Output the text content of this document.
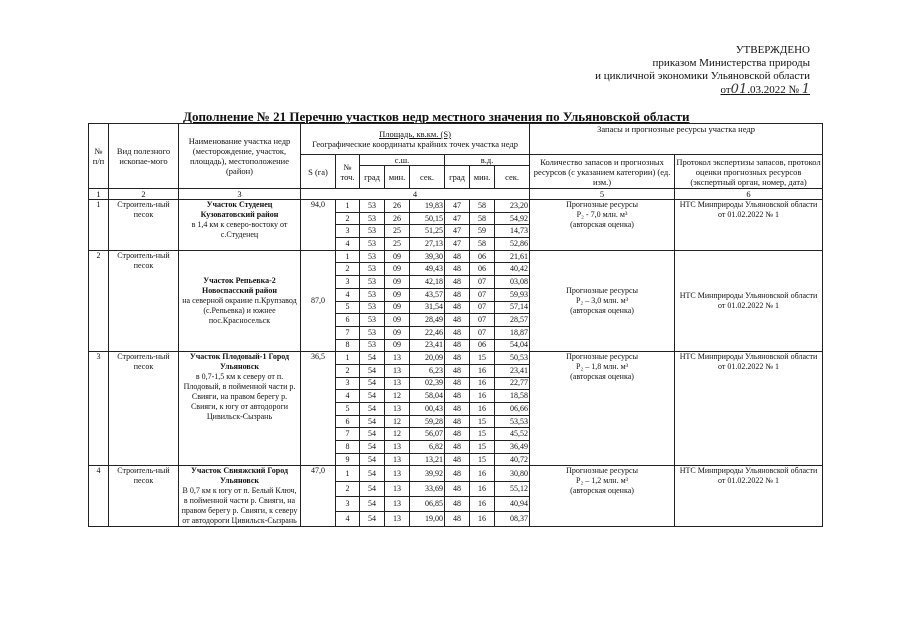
УТВЕРЖДЕНО
приказом Министерства природы
и цикличной экономики Ульяновской области
от01.03.2022 № 1
Дополнение № 21 Перечню участков недр местного значения по Ульяновской области
№ п/п	Вид полезного ископае-мого	Наименование участка недр (месторождение, участок, площадь), местоположение (район)	Площадь, кв.км. (S)
Географические координаты крайних точек участка недр								Запасы и прогнозные ресурсы участка недр	
			S (га)	№ точ.	с.ш.			в.д.			Количество запасов и прогнозных ресурсов (с указанием категории) (ед. изм.)	Протокол экспертизы запасов, протокол оценки прогнозных ресурсов (экспертный орган, номер, дата)
					град	мин.	сек.	град	мин.	сек.		
1	2	3	4								5	6
1	Строитель-ный песок	Участок Студенец Кузоватовский район
в 1,4 км к северо-востоку от с.Студенец	94,0	1	53	26	19,83	47	58	23,20	Прогнозные ресурсы
P₂ - 7,0 млн. м³
(авторская оценка)	НТС Минприроды Ульяновской области от 01.02.2022 № 1
				2	53	26	50,15	47	58	54,92		
				3	53	25	51,25	47	59	14,73		
				4	53	25	27,13	47	58	52,86		
2	Строитель-ный песок	Участок Репьевка-2 Новоспасский район
на северной окраине п.Крупзавод (с.Репьевка) и южнее пос.Красносельск	87,0	1	53	09	39,30	48	06	21,61	Прогнозные ресурсы
P₂ – 3,0 млн. м³
(авторская оценка)	НТС Минприроды Ульяновской области от 01.02.2022 № 1
				2	53	09	49,43	48	06	40,42		
				3	53	09	42,18	48	07	03,08		
				4	53	09	43,57	48	07	59,93		
				5	53	09	31,54	48	07	57,14		
				6	53	09	28,49	48	07	28,57		
				7	53	09	22,46	48	07	18,87		
				8	53	09	23,41	48	06	54,04		
3	Строитель-ный песок	Участок Плодовый-1 Город Ульяновск
в 0,7-1,5 км к северу от п. Плодовый, в пойменной части р. Свияги, на правом берегу р. Свияги, к югу от автодороги Цивильск-Сызрань	36,5	1	54	13	20,09	48	15	50,53	Прогнозные ресурсы
P₂ – 1,8 млн. м³
(авторская оценка)	НТС Минприроды Ульяновской области от 01.02.2022 № 1
				2	54	13	6,23	48	16	23,41		
				3	54	13	02,39	48	16	22,77		
				4	54	12	58,04	48	16	18,58		
				5	54	13	00,43	48	16	06,66		
				6	54	12	59,28	48	15	53,53		
				7	54	12	56,07	48	15	45,52		
				8	54	13	6,82	48	15	36,49		
				9	54	13	13,21	48	15	40,72		
4	Строитель-ный песок	Участок Свияжский Город Ульяновск
В 0,7 км к югу от п. Белый Ключ, в пойменной части р. Свияги, на правом берегу р. Свияги, к северу от автодороги Цивильск-Сызрань	47,0	1	54	13	39,92	48	16	30,80	Прогнозные ресурсы
P₂ – 1,2 млн. м³
(авторская оценка)	НТС Минприроды Ульяновской области от 01.02.2022 № 1
				2	54	13	33,69	48	16	55,12		
				3	54	13	06,85	48	16	40,94		
				4	54	13	19,00	48	16	08,37		
